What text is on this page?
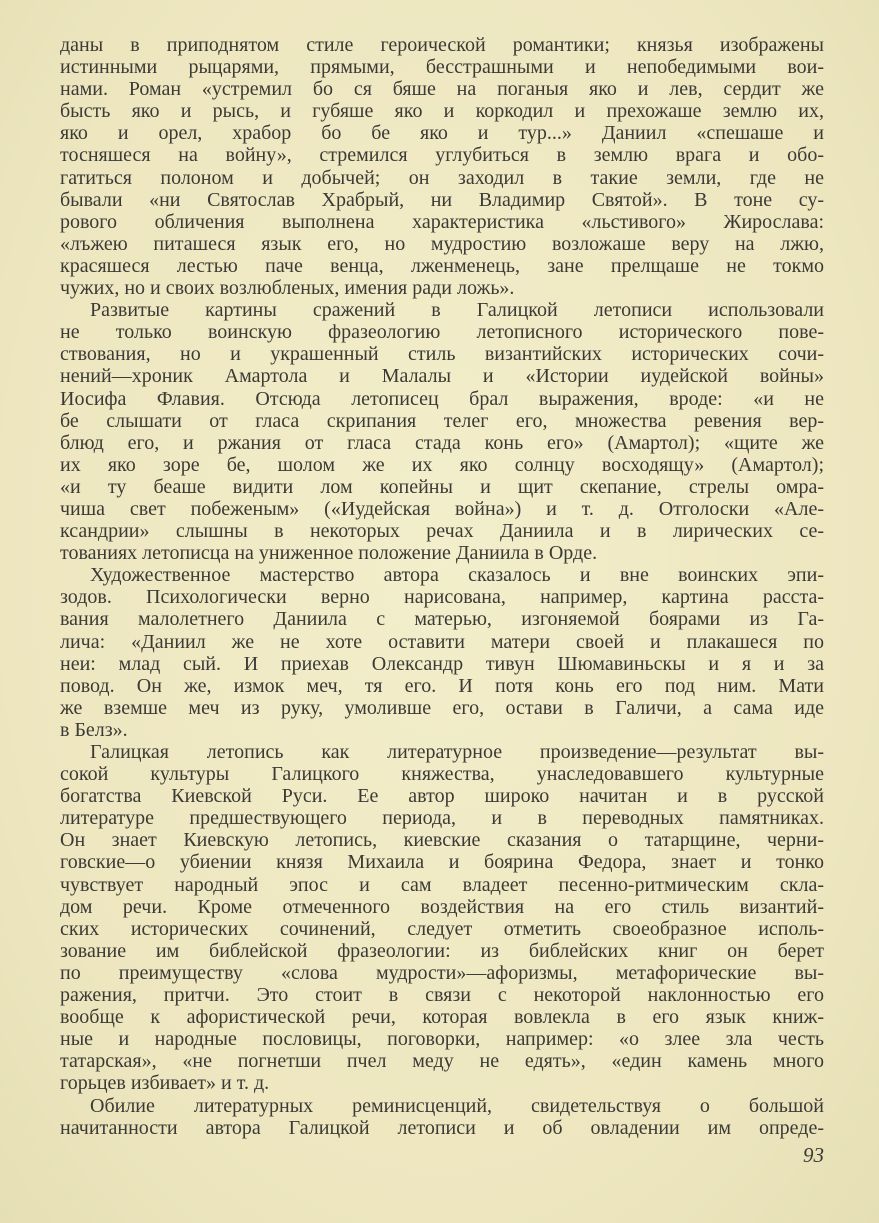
даны в приподнятом стиле героической романтики; князья изображены
истинными рыцарями, прямыми, бесстрашными и непобедимыми вои-
нами. Роман «устремил бо ся бяше на поганыя яко и лев, сердит же
бысть яко и рысь, и губяше яко и коркодил и прехожаше землю их,
яко и орел, храбор бо бе яко и тур...» Даниил «спешаше и
тосняшеся на войну», стремился углубиться в землю врага и обо-
гатиться полоном и добычей; он заходил в такие земли, где не
бывали «ни Святослав Храбрый, ни Владимир Святой». В тоне су-
рового обличения выполнена характеристика «льстивого» Жирослава:
«лъжею питашеся язык его, но мудростию возложаше веру на лжю,
красяшеся лестью паче венца, лженменець, зане прелщаше не токмо
чужих, но и своих возлюбленых, имения ради ложь».
Развитые картины сражений в Галицкой летописи использовали
не только воинскую фразеологию летописного исторического пове-
ствования, но и украшенный стиль византийских исторических сочи-
нений—хроник Амартола и Малалы и «Истории иудейской войны»
Иосифа Флавия. Отсюда летописец брал выражения, вроде: «и не
бе слышати от гласа скрипания телег его, множества ревения вер-
блюд его, и ржания от гласа стада конь его» (Амартол); «щите же
их яко зоре бе, шолом же их яко солнцу восходящу» (Амартол);
«и ту беаше видити лом копейны и щит скепание, стрелы омра-
чиша свет побеженым» («Иудейская война») и т. д. Отголоски «Але-
ксандрии» слышны в некоторых речах Даниила и в лирических се-
тованиях летописца на униженное положение Даниила в Орде.
Художественное мастерство автора сказалось и вне воинских эпи-
зодов. Психологически верно нарисована, например, картина расста-
вания малолетнего Даниила с матерью, изгоняемой боярами из Га-
лича: «Даниил же не хоте оставити матери своей и плакашеся по
неи: млад сый. И приехав Олександр тивун Шюмавиньскы и я и за
повод. Он же, измок меч, тя его. И потя конь его под ним. Мати
же вземше меч из руку, умоливше его, остави в Галичи, а сама иде
в Белз».
Галицкая летопись как литературное произведение—результат вы-
сокой культуры Галицкого княжества, унаследовавшего культурные
богатства Киевской Руси. Ее автор широко начитан и в русской
литературе предшествующего периода, и в переводных памятниках.
Он знает Киевскую летопись, киевские сказания о татарщине, черни-
говские—о убиении князя Михаила и боярина Федора, знает и тонко
чувствует народный эпос и сам владеет песенно-ритмическим скла-
дом речи. Кроме отмеченного воздействия на его стиль византий-
ских исторических сочинений, следует отметить своеобразное исполь-
зование им библейской фразеологии: из библейских книг он берет
по преимуществу «слова мудрости»—афоризмы, метафорические вы-
ражения, притчи. Это стоит в связи с некоторой наклонностью его
вообще к афористической речи, которая вовлекла в его язык книж-
ные и народные пословицы, поговорки, например: «о злее зла честь
татарская», «не погнетши пчел меду не едять», «един камень много
горьцев избивает» и т. д.
Обилие литературных реминисценций, свидетельствуя о большой
начитанности автора Галицкой летописи и об овладении им опреде-
93
